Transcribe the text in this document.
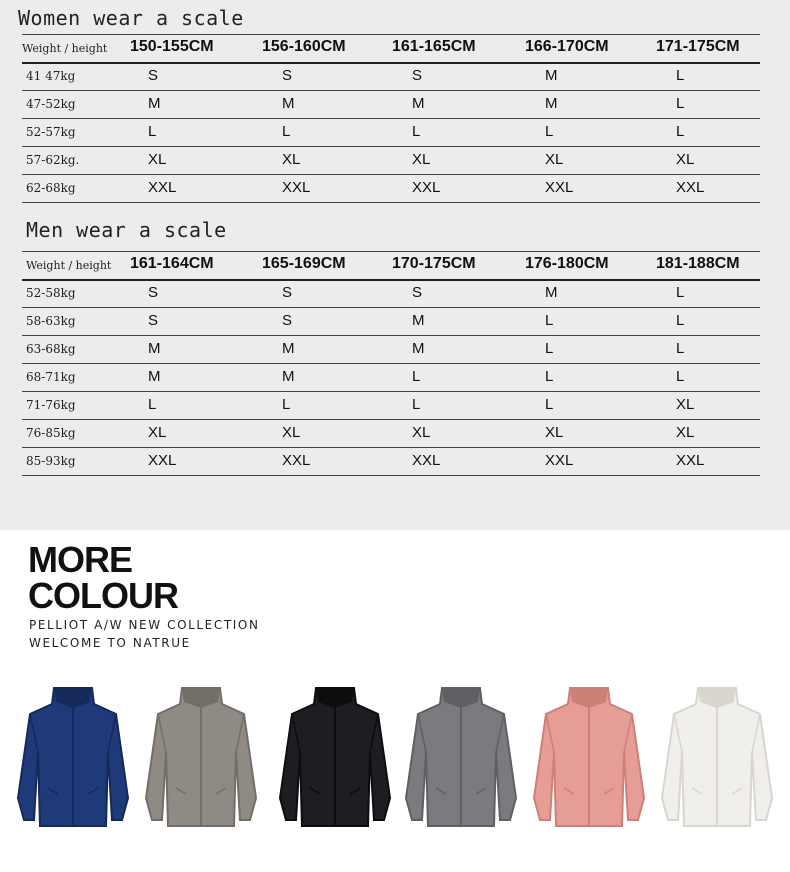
Women wear a scale
Weight / height 150-155CM	156-160CM	161-165CM	166-170CM	171-175CM
41 47kg	S	S	S	M	L
47-52kg	M	M	M	M	L
52-57kg	L	L	L	L	L
57-62kg.	XL	XL	XL	XL	XL
62-68kg	XXL	XXL	XXL	XXL	XXL
Men wear a scale
Weight / height 161-164CM	165-169CM	170-175CM	176-180CM	181-188CM
52-58kg	S	S	S	M	L
58-63kg	S	S	M	L	L
63-68kg	M	M	M	L	L
68-71kg	M	M	L	L	L
71-76kg	L	L	L	L	XL
76-85kg	XL	XL	XL	XL	XL
85-93kg	XXL	XXL	XXL	XXL	XXL
MORE
COLOUR
PELLIOT A/W NEW COLLECTION
WELCOME TO NATRUE
